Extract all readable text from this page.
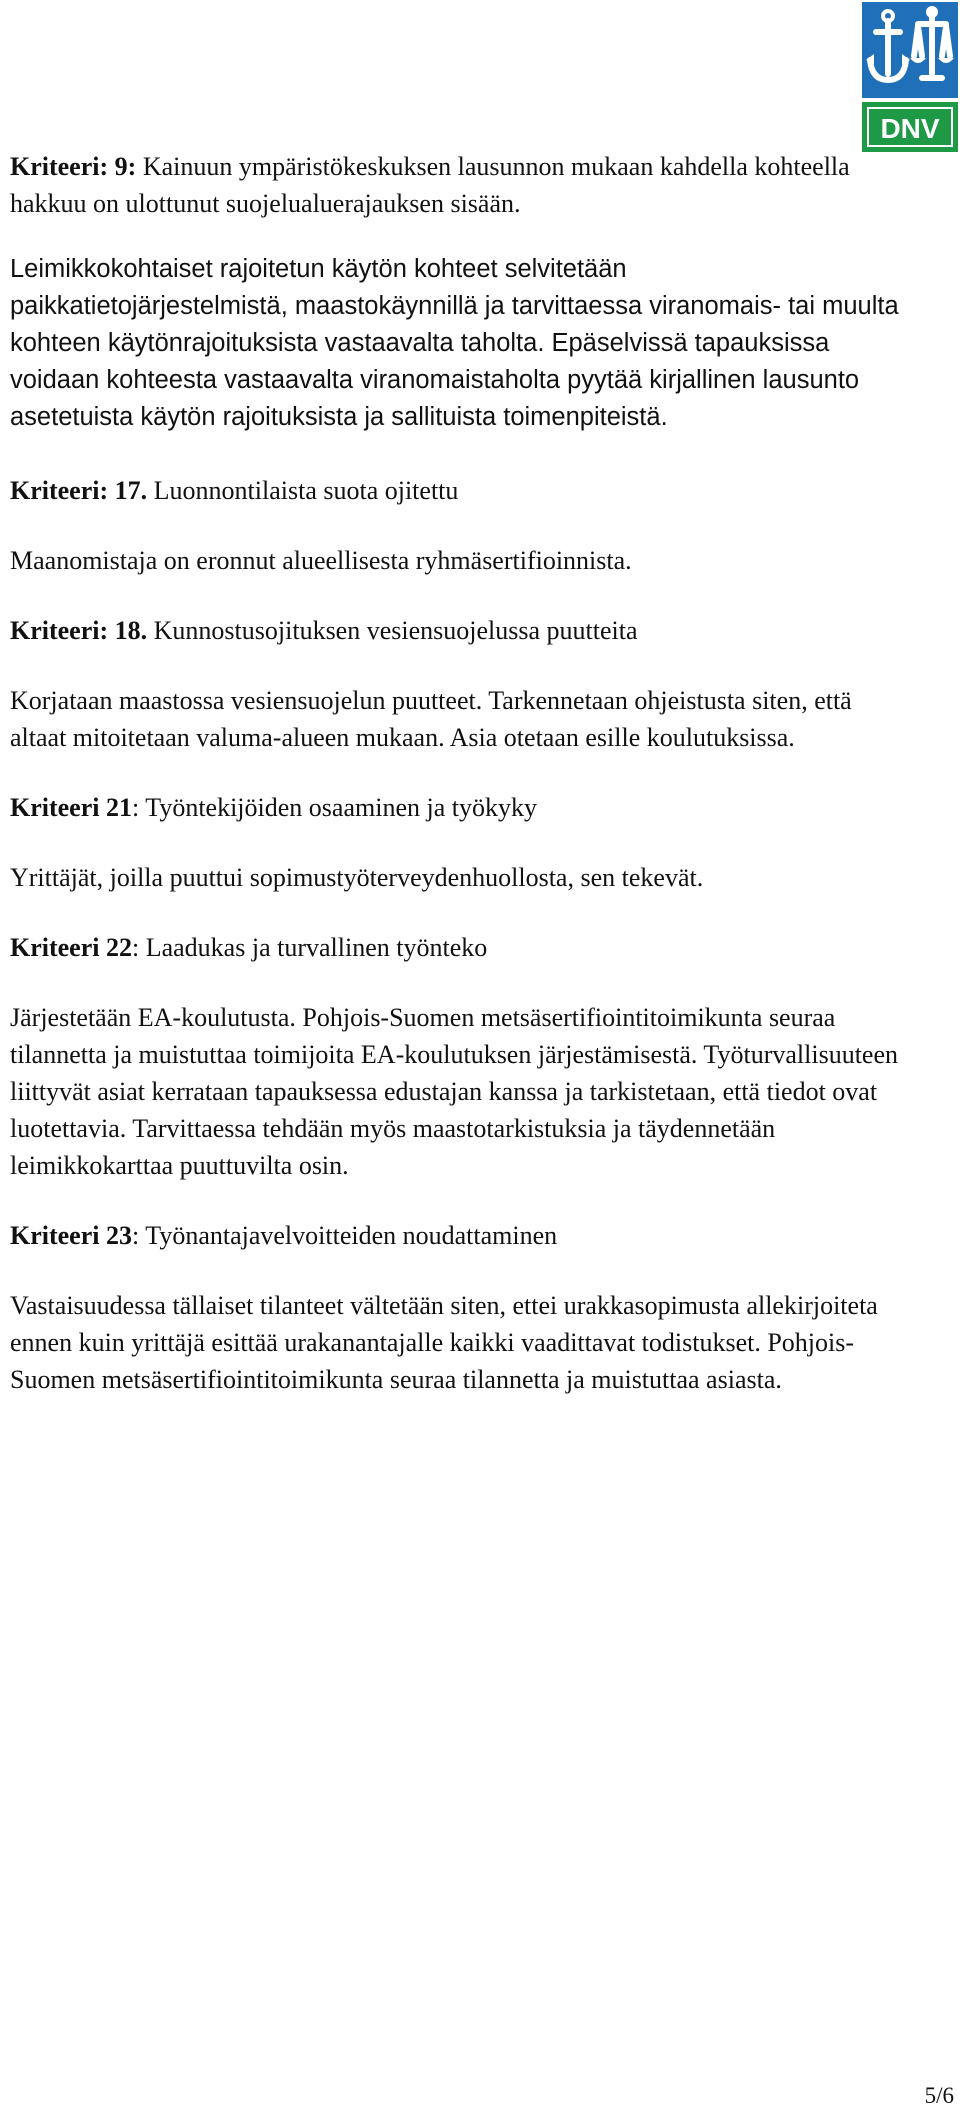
DNV

Kriteeri: 9: Kainuun ympäristökeskuksen lausunnon mukaan kahdella kohteella hakkuu on ulottunut suojelualuerajauksen sisään.

Leimikkokohtaiset rajoitetun käytön kohteet selvitetään paikkatietojärjestelmistä, maastokäynnillä ja tarvittaessa viranomais- tai muulta kohteen käytönrajoituksista vastaavalta taholta. Epäselvissä tapauksissa voidaan kohteesta vastaavalta viranomaistaholta pyytää kirjallinen lausunto asetetuista käytön rajoituksista ja sallituista toimenpiteistä.

Kriteeri: 17. Luonnontilaista suota ojitettu

Maanomistaja on eronnut alueellisesta ryhmäsertifioinnista.

Kriteeri: 18. Kunnostusojituksen vesiensuojelussa puutteita

Korjataan maastossa vesiensuojelun puutteet. Tarkennetaan ohjeistusta siten, että altaat mitoitetaan valuma-alueen mukaan. Asia otetaan esille koulutuksissa.

Kriteeri 21: Työntekijöiden osaaminen ja työkyky

Yrittäjät, joilla puuttui sopimustyöterveydenhuollosta, sen tekevät.

Kriteeri 22: Laadukas ja turvallinen työnteko

Järjestetään EA-koulutusta. Pohjois-Suomen metsäsertifiointitoimikunta seuraa tilannetta ja muistuttaa toimijoita EA-koulutuksen järjestämisestä. Työturvallisuuteen liittyvät asiat kerrataan tapauksessa edustajan kanssa ja tarkistetaan, että tiedot ovat luotettavia. Tarvittaessa tehdään myös maastotarkistuksia ja täydennetään leimikkokarttaa puuttuvilta osin.

Kriteeri 23: Työnantajavelvoitteiden noudattaminen

Vastaisuudessa tällaiset tilanteet vältetään siten, ettei urakkasopimusta allekirjoiteta ennen kuin yrittäjä esittää urakanantajalle kaikki vaadittavat todistukset. Pohjois-Suomen metsäsertifiointitoimikunta seuraa tilannetta ja muistuttaa asiasta.

5/6
